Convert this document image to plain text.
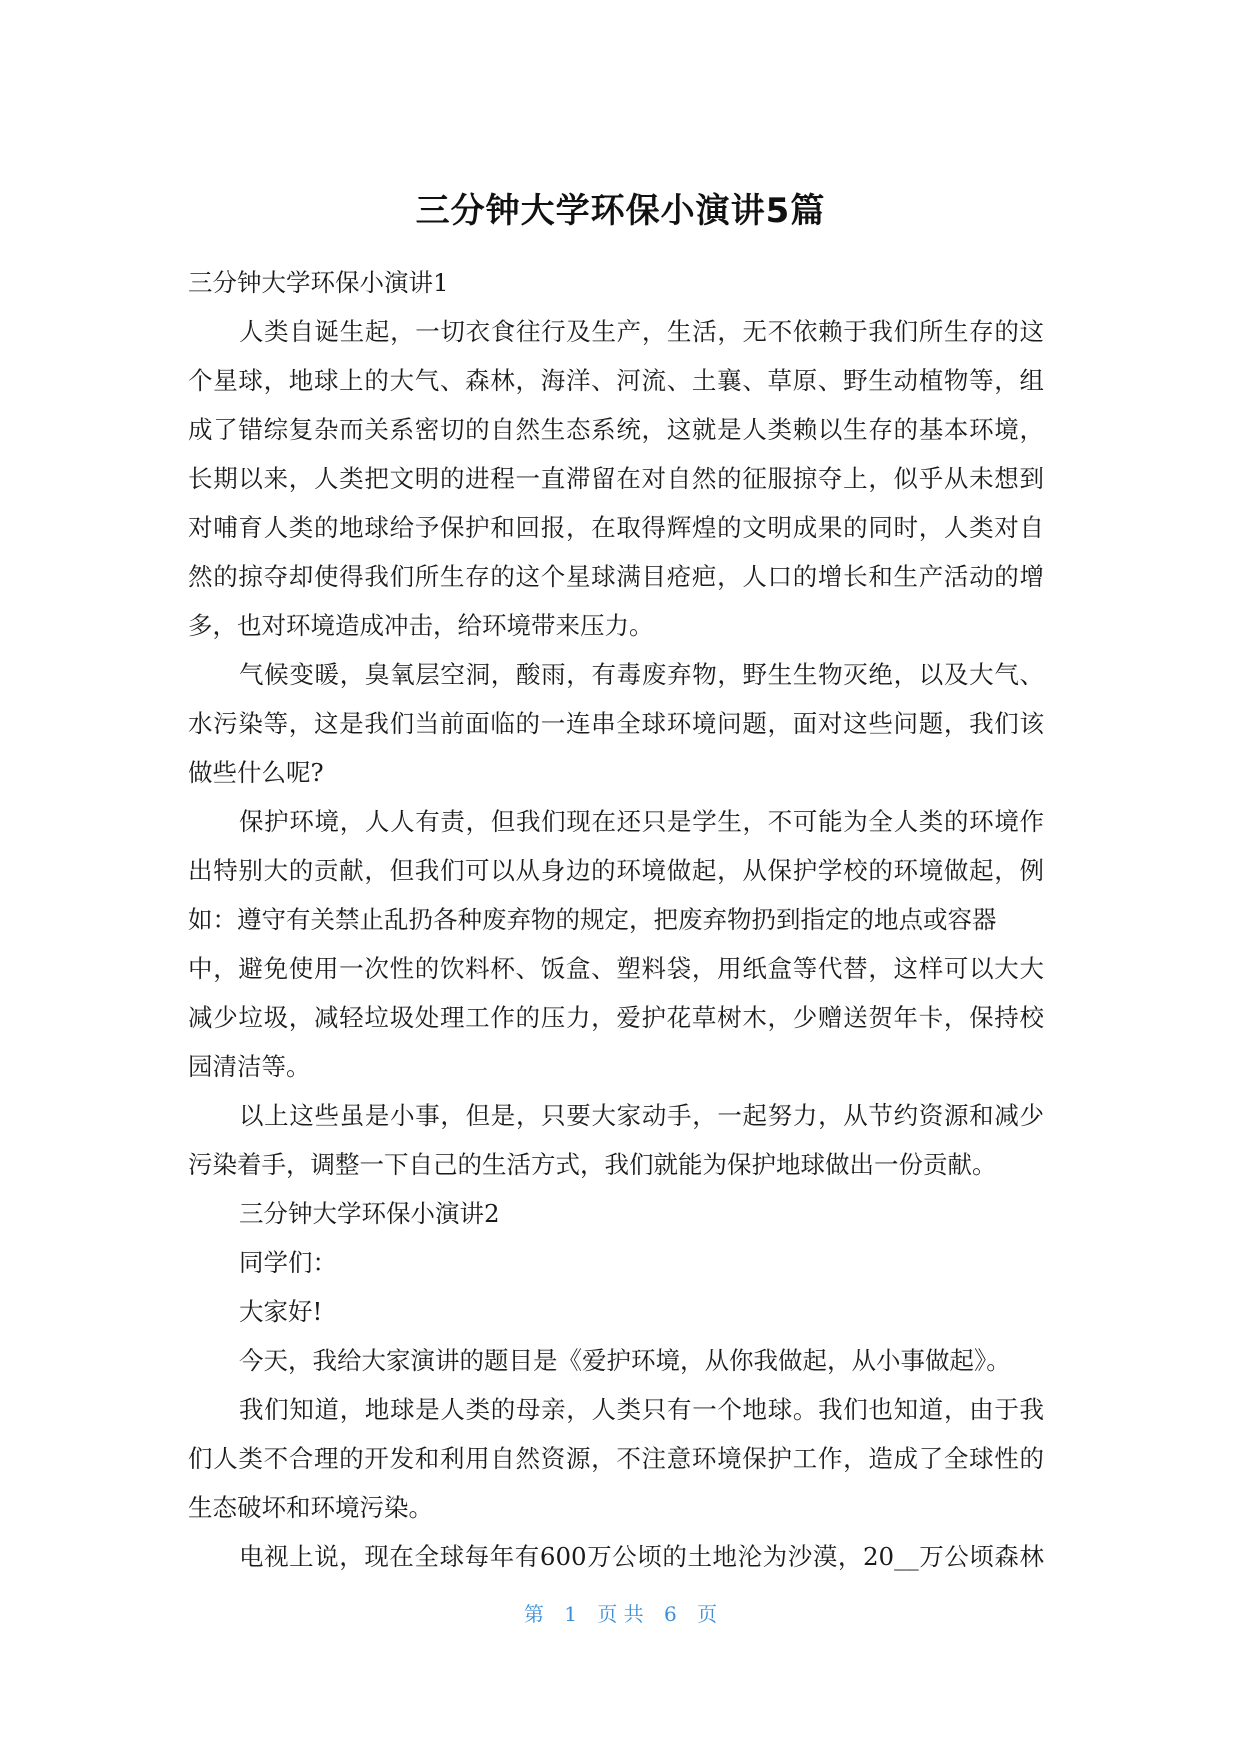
三分钟大学环保小演讲5篇
三分钟大学环保小演讲1
人类自诞生起，一切衣食往行及生产，生活，无不依赖于我们所生存的这
个星球，地球上的大气、森林，海洋、河流、土襄、草原、野生动植物等，组
成了错综复杂而关系密切的自然生态系统，这就是人类赖以生存的基本环境，
长期以来，人类把文明的进程一直滞留在对自然的征服掠夺上，似乎从未想到
对哺育人类的地球给予保护和回报，在取得辉煌的文明成果的同时，人类对自
然的掠夺却使得我们所生存的这个星球满目疮疤，人口的增长和生产活动的增
多，也对环境造成冲击，给环境带来压力。
气候变暖，臭氧层空洞，酸雨，有毒废弃物，野生生物灭绝，以及大气、
水污染等，这是我们当前面临的一连串全球环境问题，面对这些问题，我们该
做些什么呢?
保护环境，人人有责，但我们现在还只是学生，不可能为全人类的环境作
出特别大的贡献，但我们可以从身边的环境做起，从保护学校的环境做起，例
如：遵守有关禁止乱扔各种废弃物的规定，把废弃物扔到指定的地点或容器
中，避免使用一次性的饮料杯、饭盒、塑料袋，用纸盒等代替，这样可以大大
减少垃圾，减轻垃圾处理工作的压力，爱护花草树木，少赠送贺年卡，保持校
园清洁等。
以上这些虽是小事，但是，只要大家动手，一起努力，从节约资源和减少
污染着手，调整一下自己的生活方式，我们就能为保护地球做出一份贡献。
三分钟大学环保小演讲2
同学们：
大家好!
今天，我给大家演讲的题目是《爱护环境，从你我做起，从小事做起》。
我们知道，地球是人类的母亲，人类只有一个地球。我们也知道，由于我
们人类不合理的开发和利用自然资源，不注意环境保护工作，造成了全球性的
生态破坏和环境污染。
电视上说，现在全球每年有600万公顷的土地沦为沙漠，20__万公顷森林
第 1 页 共 6 页
